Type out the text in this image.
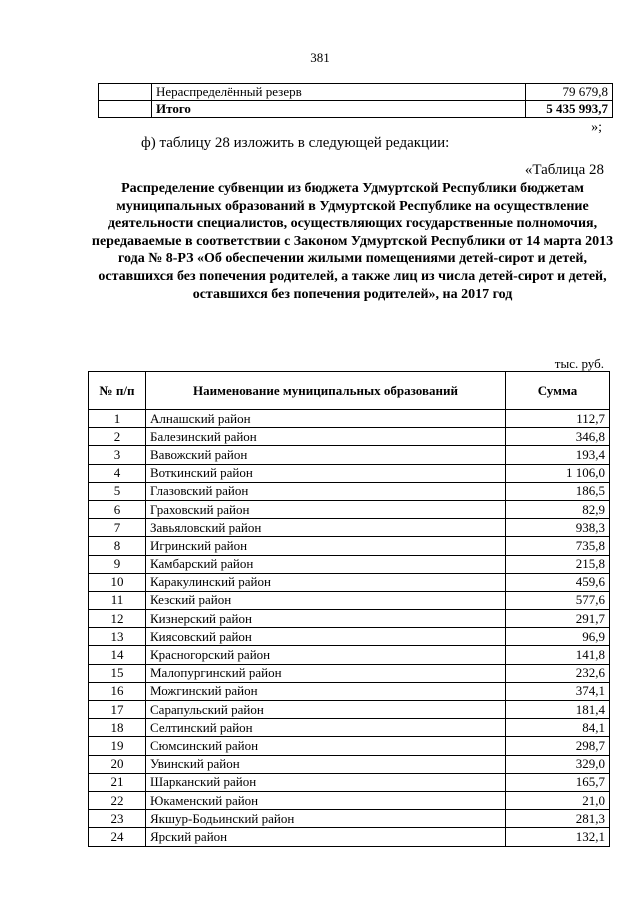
381
	Нераспределённый резерв	79 679,8
	Итого	5 435 993,7
»;
ф) таблицу 28 изложить в следующей редакции:
«Таблица 28
Распределение субвенции из бюджета Удмуртской Республики бюджетам муниципальных образований в Удмуртской Республике на осуществление деятельности специалистов, осуществляющих государственные полномочия, передаваемые в соответствии с Законом Удмуртской Республики от 14 марта 2013 года № 8-РЗ «Об обеспечении жилыми помещениями детей-сирот и детей, оставшихся без попечения родителей, а также лиц из числа детей-сирот и детей, оставшихся без попечения родителей», на 2017 год
тыс. руб.
№ п/п	Наименование муниципальных образований	Сумма
1	Алнашский район	112,7
2	Балезинский район	346,8
3	Вавожский район	193,4
4	Воткинский район	1 106,0
5	Глазовский район	186,5
6	Граховский район	82,9
7	Завьяловский район	938,3
8	Игринский район	735,8
9	Камбарский район	215,8
10	Каракулинский район	459,6
11	Кезский район	577,6
12	Кизнерский район	291,7
13	Киясовский район	96,9
14	Красногорский район	141,8
15	Малопургинский район	232,6
16	Можгинский район	374,1
17	Сарапульский район	181,4
18	Селтинский район	84,1
19	Сюмсинский район	298,7
20	Увинский район	329,0
21	Шарканский район	165,7
22	Юкаменский район	21,0
23	Якшур-Бодьинский район	281,3
24	Ярский район	132,1
